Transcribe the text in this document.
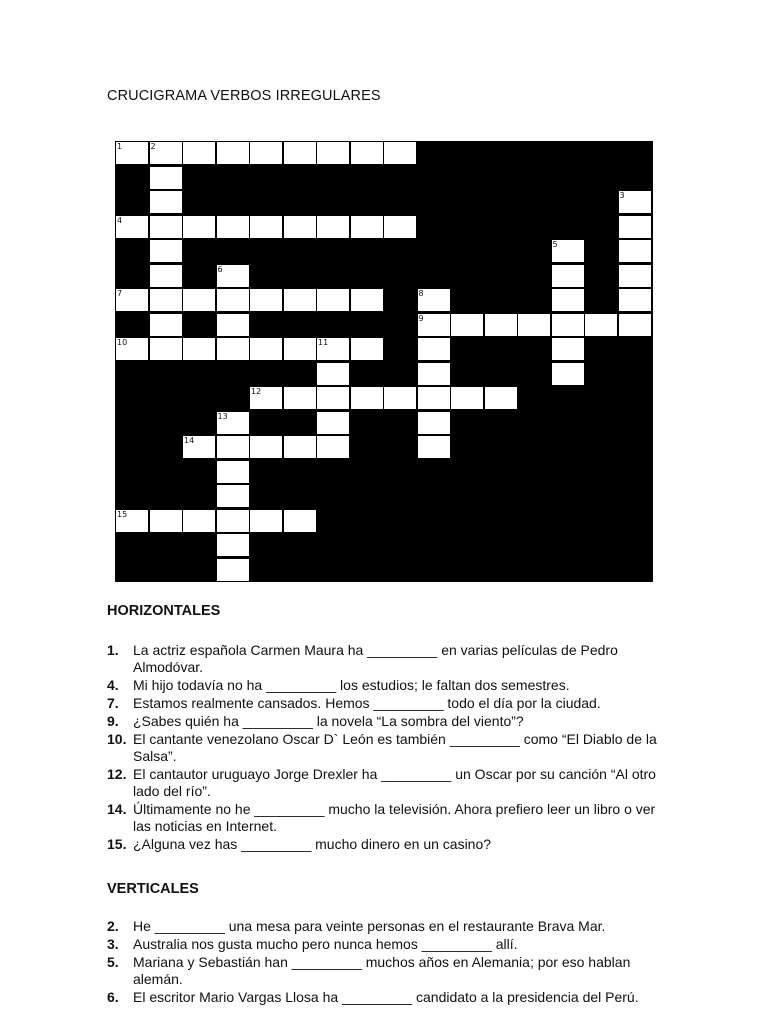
CRUCIGRAMA VERBOS IRREGULARES
1	2
3
4
5
6
7	8
9
10	11
12
13
14
15
HORIZONTALES
1.	La actriz española Carmen Maura ha _________ en varias películas de Pedro Almodóvar.
4.	Mi hijo todavía no ha _________ los estudios; le faltan dos semestres.
7.	Estamos realmente cansados. Hemos _________ todo el día por la ciudad.
9.	¿Sabes quién ha _________ la novela “La sombra del viento”?
10. El cantante venezolano Oscar D` León es también _________ como “El Diablo de la Salsa”.
12. El cantautor uruguayo Jorge Drexler ha _________ un Oscar por su canción “Al otro lado del río”.
14. Últimamente no he _________ mucho la televisión. Ahora prefiero leer un libro o ver las noticias en Internet.
15. ¿Alguna vez has _________ mucho dinero en un casino?
VERTICALES
2.	He _________ una mesa para veinte personas en el restaurante Brava Mar.
3.	Australia nos gusta mucho pero nunca hemos _________ allí.
5.	Mariana y Sebastián han _________ muchos años en Alemania; por eso hablan alemán.
6.	El escritor Mario Vargas Llosa ha _________ candidato a la presidencia del Perú.
